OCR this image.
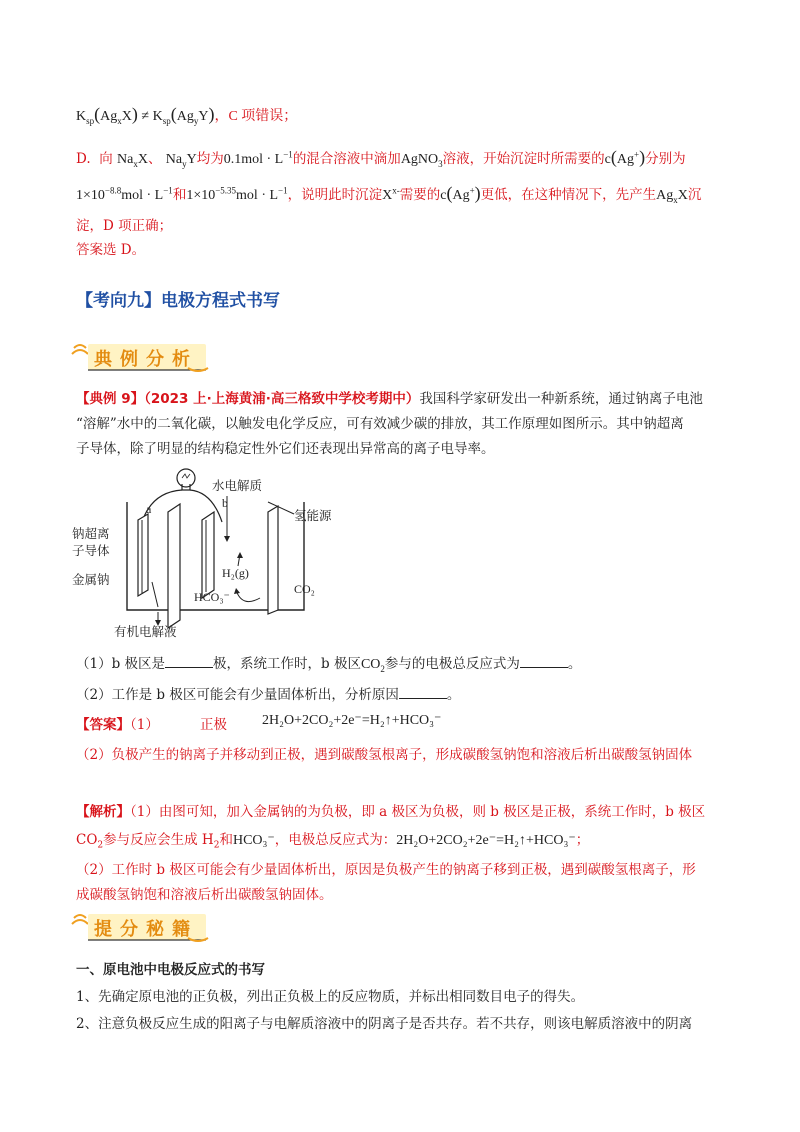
$K_{sp}(Ag_xX) \ne K_{sp}(Ag_yY)$，C 项错误；
D. 向 $Na_xX$、 $Na_yY$均为$0.1mol \cdot L^{-1}$的混合溶液中滴加AgNO$_3$溶液，开始沉淀时所需要的c(Ag+)分别为
$1\times 10^{-8.8}mol \cdot L^{-1}$和$1\times 10^{-5.35}mol \cdot L^{-1}$，说明此时沉淀$X^{x-}$需要的c(Ag+)更低，在这种情况下，先产生$Ag_xX$沉
淀，D 项正确；
答案选 D。
【考向九】电极方程式书写
典例分析
【典例 9】（2023 上·上海黄浦·高三格致中学校考期中）我国科学家研发出一种新系统，通过钠离子电池
“溶解”水中的二氧化碳，以触发电化学反应，可有效减少碳的排放，其工作原理如图所示。其中钠超离
子导体，除了明显的结构稳定性外它们还表现出异常高的离子电导率。
水电解质
氢能源
钠超离
子导体
金属钠
有机电解液
a	b
H₂(g)
HCO₃⁻
CO₂
（1）b 极区是	极，系统工作时，b 极区$CO_2$参与的电极总反应式为	。
（2）工作是 b 极区可能会有少量固体析出，分析原因	。
【答案】（1）	正极	2H₂O+2CO₂+2e⁻=H₂↑+HCO₃⁻
（2）负极产生的钠离子并移动到正极，遇到碳酸氢根离子，形成碳酸氢钠饱和溶液后析出碳酸氢钠固体
【解析】（1）由图可知，加入金属钠的为负极，即 a 极区为负极，则 b 极区是正极，系统工作时，b 极区
$CO_2$参与反应会生成 $H_2$和HCO₃⁻，电极总反应式为：2H₂O+2CO₂+2e⁻=H₂↑+HCO₃⁻；
（2）工作时 b 极区可能会有少量固体析出，原因是负极产生的钠离子移到正极，遇到碳酸氢根离子，形
成碳酸氢钠饱和溶液后析出碳酸氢钠固体。
提分秘籍
一、原电池中电极反应式的书写
1、先确定原电池的正负极，列出正负极上的反应物质，并标出相同数目电子的得失。
2、注意负极反应生成的阳离子与电解质溶液中的阴离子是否共存。若不共存，则该电解质溶液中的阴离
